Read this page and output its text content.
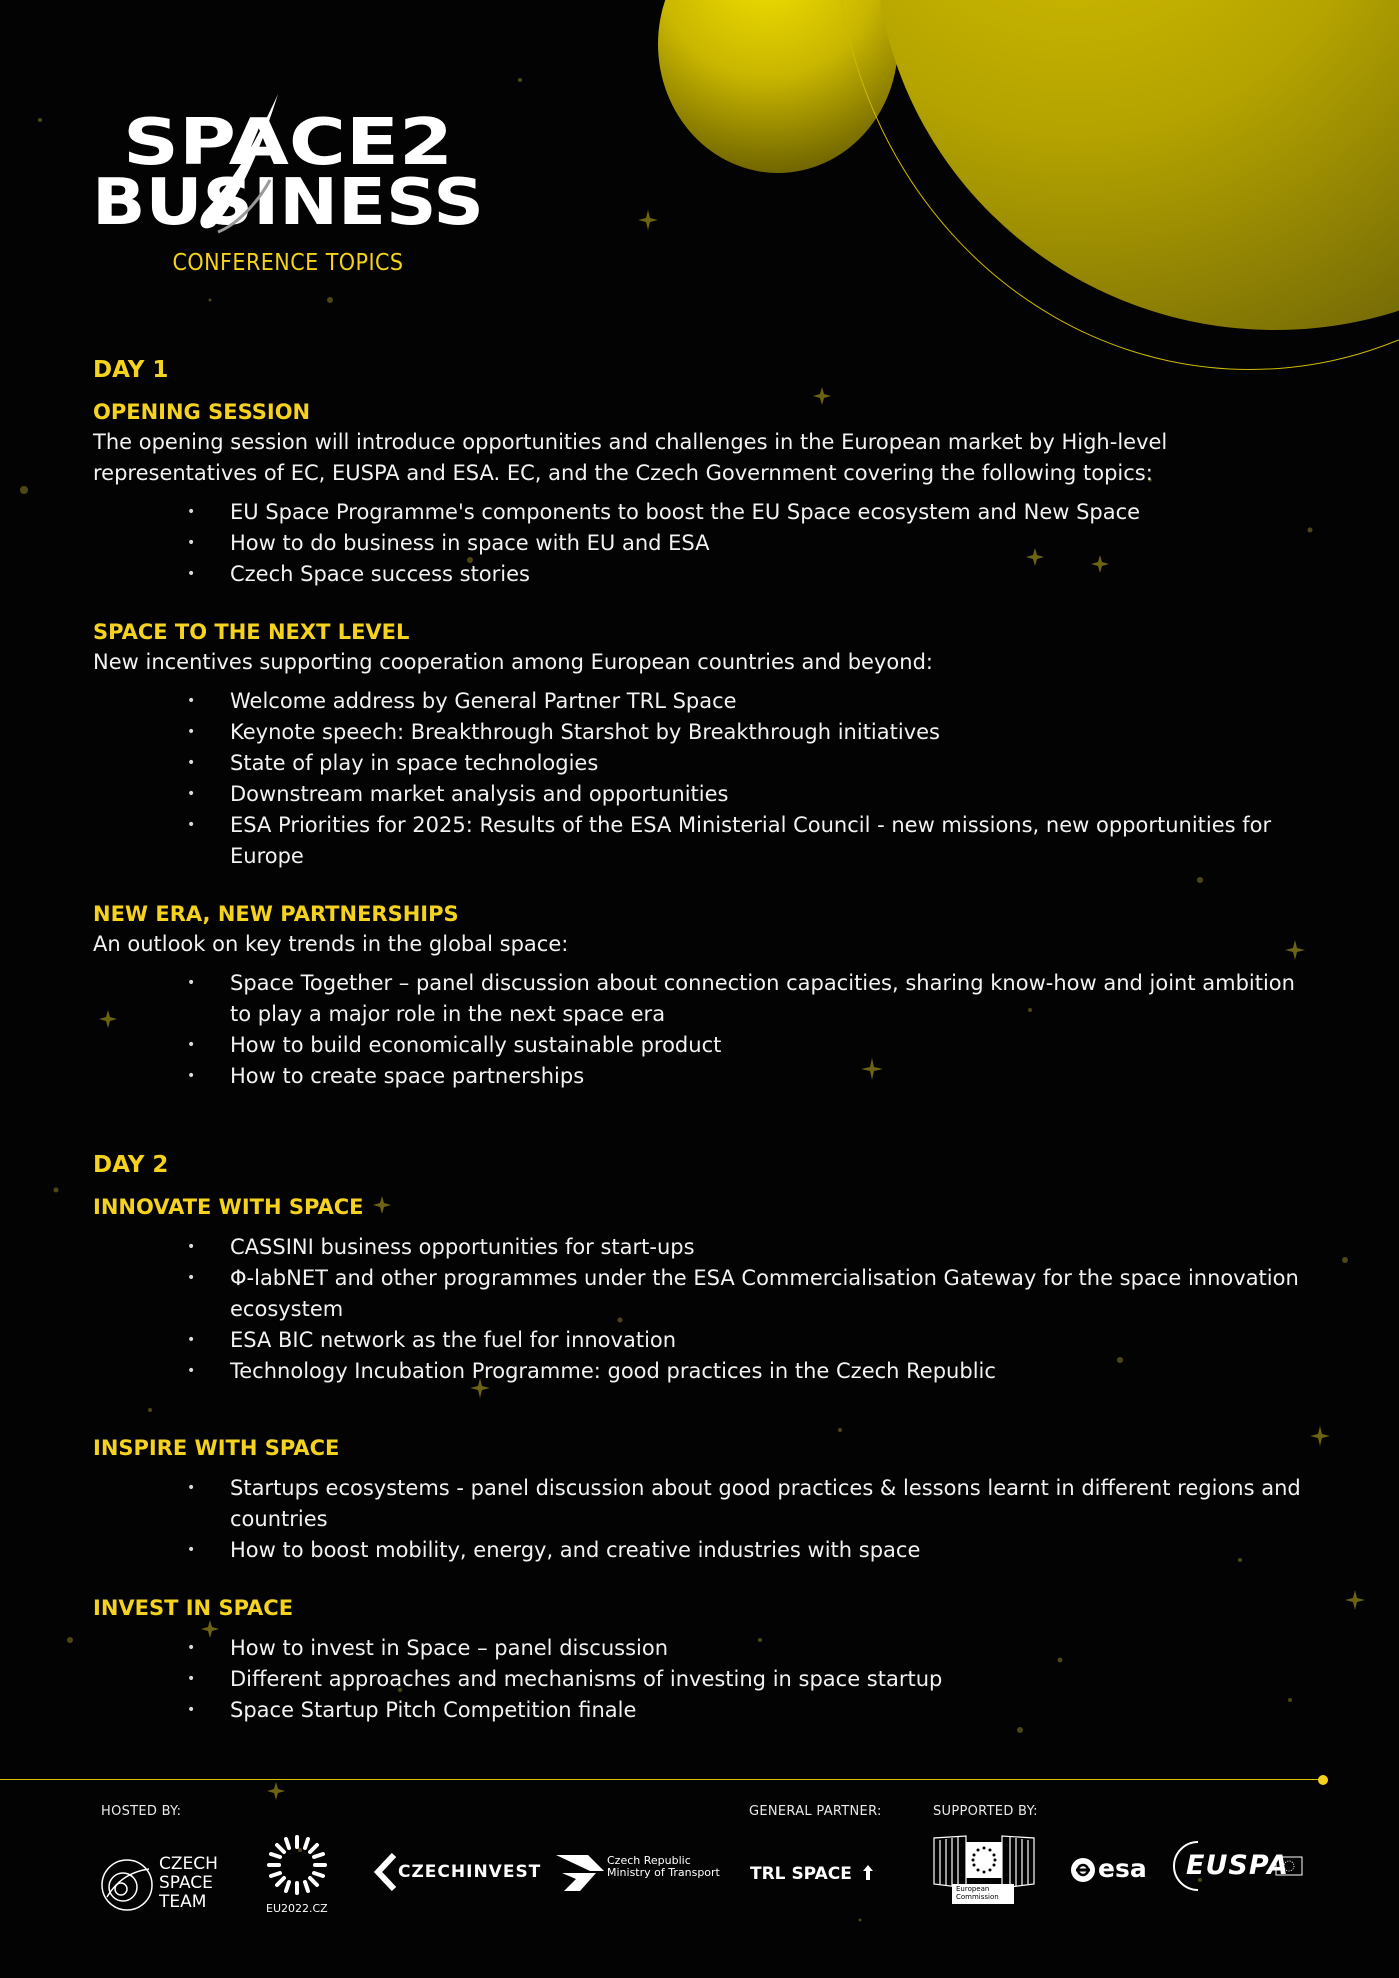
SPACE2
BUSINESS
CONFERENCE TOPICS
DAY 1
OPENING SESSION
The opening session will introduce opportunities and challenges in the European market by High-level representatives of EC, EUSPA and ESA. EC, and the Czech Government covering the following topics:
• EU Space Programme's components to boost the EU Space ecosystem and New Space
• How to do business in space with EU and ESA
• Czech Space success stories
SPACE TO THE NEXT LEVEL
New incentives supporting cooperation among European countries and beyond:
• Welcome address by General Partner TRL Space
• Keynote speech: Breakthrough Starshot by Breakthrough initiatives
• State of play in space technologies
• Downstream market analysis and opportunities
• ESA Priorities for 2025: Results of the ESA Ministerial Council - new missions, new opportunities for Europe
NEW ERA, NEW PARTNERSHIPS
An outlook on key trends in the global space:
• Space Together – panel discussion about connection capacities, sharing know-how and joint ambition to play a major role in the next space era
• How to build economically sustainable product
• How to create space partnerships
DAY 2
INNOVATE WITH SPACE
• CASSINI business opportunities for start-ups
• Φ-labNET and other programmes under the ESA Commercialisation Gateway for the space innovation ecosystem
• ESA BIC network as the fuel for innovation
• Technology Incubation Programme: good practices in the Czech Republic
INSPIRE WITH SPACE
• Startups ecosystems - panel discussion about good practices & lessons learnt in different regions and countries
• How to boost mobility, energy, and creative industries with space
INVEST IN SPACE
• How to invest in Space – panel discussion
• Different approaches and mechanisms of investing in space startup
• Space Startup Pitch Competition finale
HOSTED BY:	GENERAL PARTNER:	SUPPORTED BY:
CZECH
SPACE
TEAM	EU2022.CZ
CZECHINVEST
Czech Republic
Ministry of Transport TRL SPACE
European
Commission
esa EUSPA
